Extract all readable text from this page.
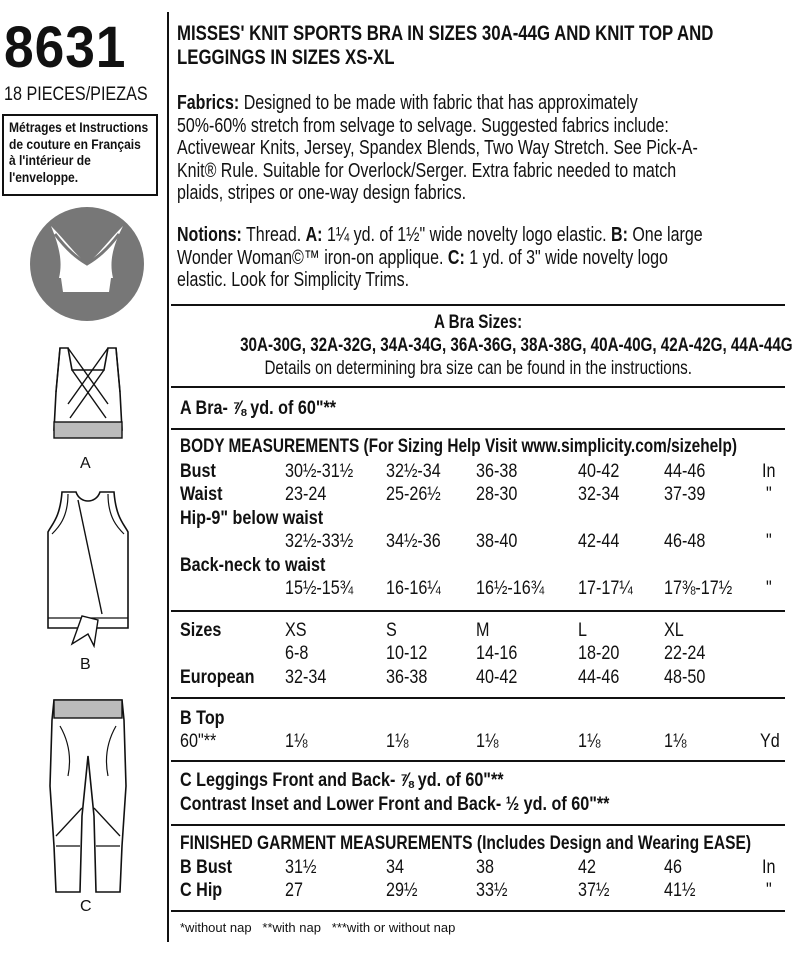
8631
18 PIECES/PIEZAS
Métrages et Instructions
de couture en Français
à l'intérieur de
l'enveloppe.
A
B
C
MISSES' KNIT SPORTS BRA IN SIZES 30A-44G AND KNIT TOP AND
LEGGINGS IN SIZES XS-XL
Fabrics: Designed to be made with fabric that has approximately
50%-60% stretch from selvage to selvage. Suggested fabrics include:
Activewear Knits, Jersey, Spandex Blends, Two Way Stretch. See Pick-A-
Knit® Rule. Suitable for Overlock/Serger. Extra fabric needed to match
plaids, stripes or one-way design fabrics.
Notions: Thread. A: 1¼ yd. of 1½" wide novelty logo elastic. B: One large
Wonder Woman©™ iron-on applique. C: 1 yd. of 3" wide novelty logo
elastic. Look for Simplicity Trims.
A Bra Sizes:
30A-30G, 32A-32G, 34A-34G, 36A-36G, 38A-38G, 40A-40G, 42A-42G, 44A-44G
Details on determining bra size can be found in the instructions.
A Bra- ⅞ yd. of 60"**
BODY MEASUREMENTS (For Sizing Help Visit www.simplicity.com/sizehelp)
Bust	30½-31½ 32½-34 36-38	40-42 44-46	In
Waist	23-24	25-26½ 28-30	32-34 37-39	"
Hip-9" below waist
32½-33½ 34½-36 38-40	42-44 46-48	"
Back-neck to waist
15½-15¾ 16-16¼ 16½-16¾ 17-17¼ 17⅜-17½ "
Sizes	XS	S	M	L	XL
6-8	10-12	14-16	18-20 22-24
European 32-34	36-38	40-42	44-46 48-50
B Top
60"**	1⅛	1⅛	1⅛	1⅛	1⅛	Yd
C Leggings Front and Back- ⅞ yd. of 60"**
Contrast Inset and Lower Front and Back- ½ yd. of 60"**
FINISHED GARMENT MEASUREMENTS (Includes Design and Wearing EASE)
B Bust	31½	34	38	42	46	In
C Hip	27	29½	33½	37½	41½	"
*without nap   **with nap   ***with or without nap
